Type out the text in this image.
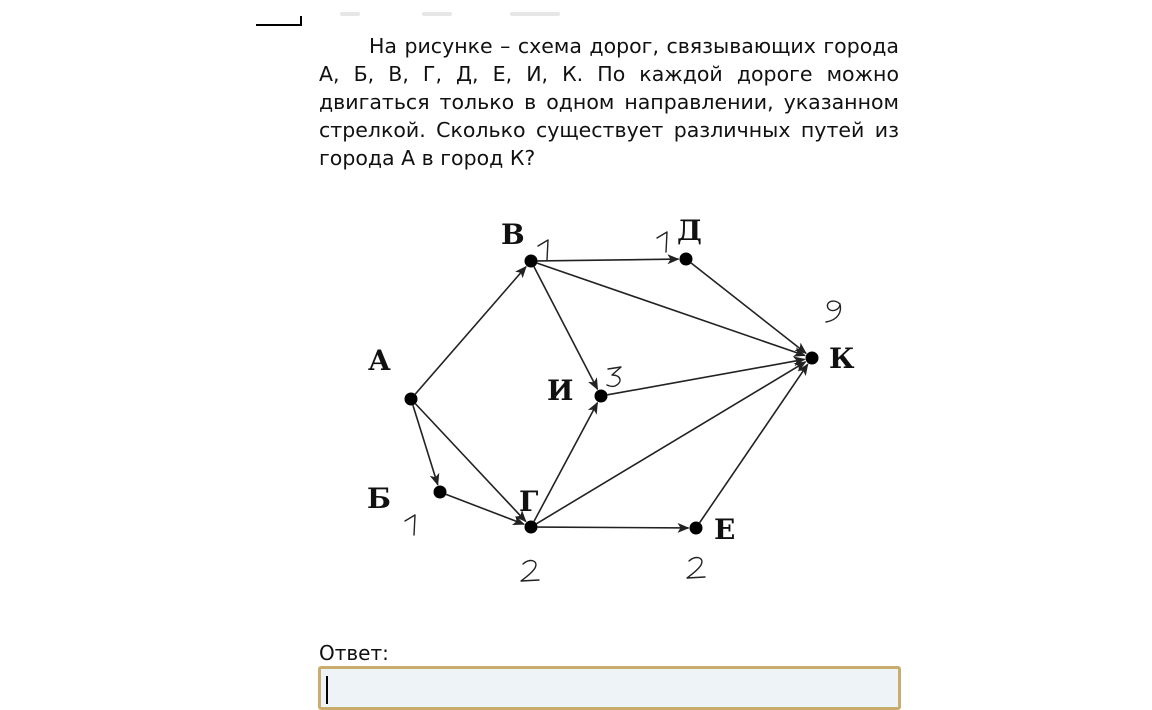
На рисунке – схема дорог, связывающих города А, Б, В, Г, Д, Е, И, К. По каждой дороге можно двигаться только в одном направлении, указанном стрелкой. Сколько существует различных путей из города А в город К?

А
Б
В
Г
Д
Е
И
К
Ответ:
